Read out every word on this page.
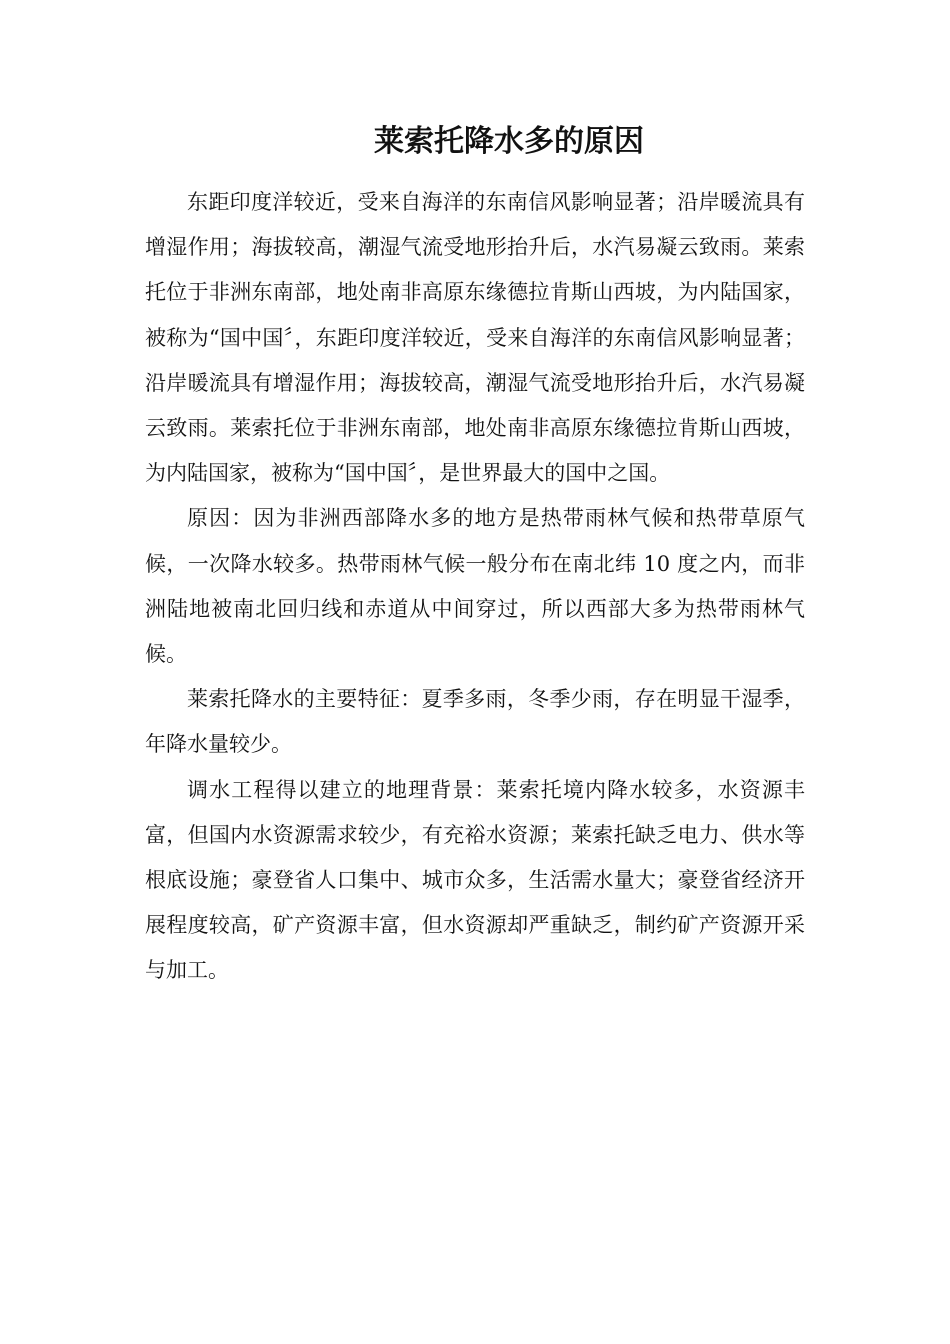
莱索托降水多的原因

东距印度洋较近，受来自海洋的东南信风影响显著；沿岸暖流具有增湿作用；海拔较高，潮湿气流受地形抬升后，水汽易凝云致雨。莱索托位于非洲东南部，地处南非高原东缘德拉肯斯山西坡，为内陆国家，被称为“国中国〞，东距印度洋较近，受来自海洋的东南信风影响显著；沿岸暖流具有增湿作用；海拔较高，潮湿气流受地形抬升后，水汽易凝云致雨。莱索托位于非洲东南部，地处南非高原东缘德拉肯斯山西坡，为内陆国家，被称为“国中国〞，是世界最大的国中之国。

原因：因为非洲西部降水多的地方是热带雨林气候和热带草原气候，一次降水较多。热带雨林气候一般分布在南北纬 10 度之内，而非洲陆地被南北回归线和赤道从中间穿过，所以西部大多为热带雨林气候。

莱索托降水的主要特征：夏季多雨，冬季少雨，存在明显干湿季，年降水量较少。

调水工程得以建立的地理背景：莱索托境内降水较多，水资源丰富，但国内水资源需求较少，有充裕水资源；莱索托缺乏电力、供水等根底设施；豪登省人口集中、城市众多，生活需水量大；豪登省经济开展程度较高，矿产资源丰富，但水资源却严重缺乏，制约矿产资源开采与加工。
